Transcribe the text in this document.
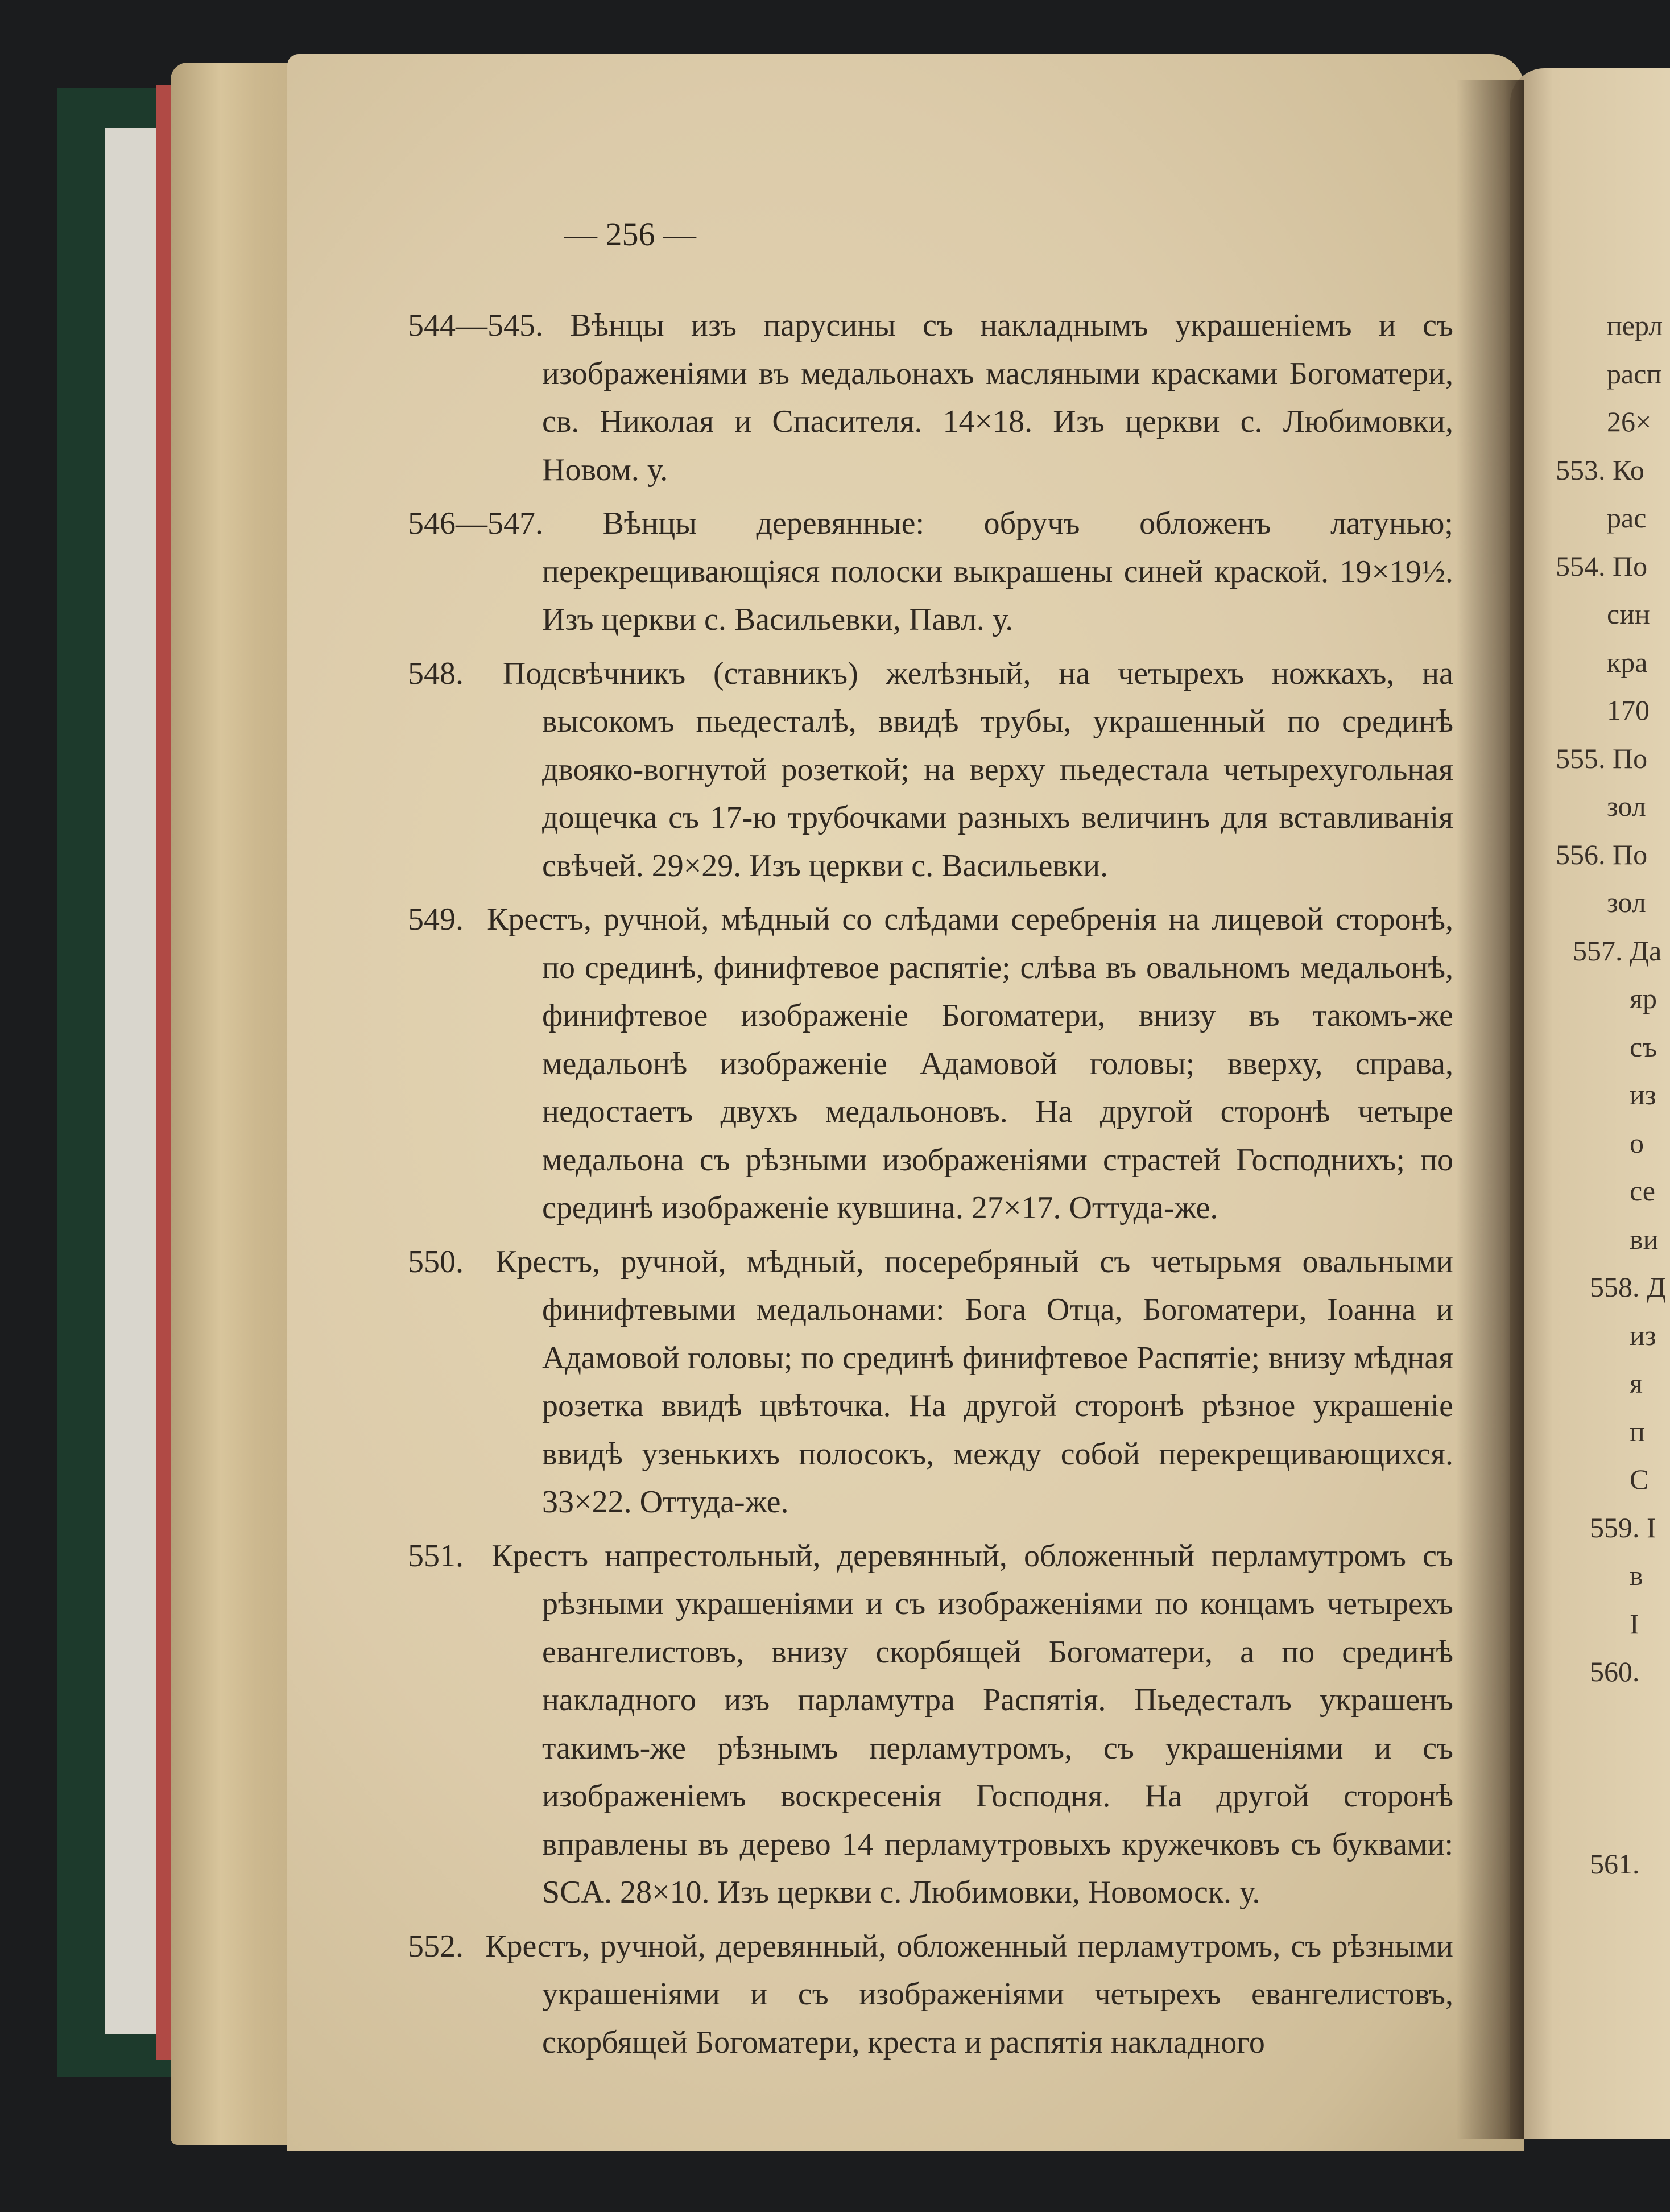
— 256 —

544—545. Вѣнцы изъ парусины съ накладнымъ украшеніемъ и съ изображеніями въ медальонахъ масляными красками Богоматери, св. Николая и Спасителя. 14×18. Изъ церкви с. Любимовки, Новом. у.

546—547. Вѣнцы деревянные: обручъ обложенъ латунью; перекрещивающіяся полоски выкрашены синей краской. 19×19½. Изъ церкви с. Васильевки, Павл. у.

Подсвѣчникъ (ставникъ) желѣзный, на четырехъ ножкахъ, на высокомъ пьедесталѣ, ввидѣ трубы, украшенный по срединѣ двояко-вогнутой розеткой; на верху пьедестала четырехугольная дощечка съ 17-ю трубочками разныхъ величинъ для вставливанія свѣчей. 29×29. Изъ церкви с. Васильевки.

Крестъ, ручной, мѣдный со слѣдами серебренія на лицевой сторонѣ, по срединѣ, финифтевое распятіе; слѣва въ овальномъ медальонѣ, финифтевое изображеніе Богоматери, внизу въ такомъ-же медальонѣ изображеніе Адамовой головы; вверху, справа, недостаетъ двухъ медальоновъ. На другой сторонѣ четыре медальона съ рѣзными изображеніями страстей Господнихъ; по срединѣ изображеніе кувшина. 27×17. Оттуда-же.

Крестъ, ручной, мѣдный, посеребряный съ четырьмя овальными финифтевыми медальонами: Бога Отца, Богоматери, Іоанна и Адамовой головы; по срединѣ финифтевое Распятіе; внизу мѣдная розетка ввидѣ цвѣточка. На другой сторонѣ рѣзное украшеніе ввидѣ узенькихъ полосокъ, между собой перекрещивающихся. 33×22. Оттуда-же.

Крестъ напрестольный, деревянный, обложенный перламутромъ съ рѣзными украшеніями и съ изображеніями по концамъ четырехъ евангелистовъ, внизу скорбящей Богоматери, а по срединѣ накладного изъ парламутра Распятія. Пьедесталъ украшенъ такимъ-же рѣзнымъ перламутромъ, съ украшеніями и съ изображеніемъ воскресенія Господня. На другой сторонѣ вправлены въ дерево 14 перламутровыхъ кружечковъ съ буквами: SCA. 28×10. Изъ церкви с. Любимовки, Новомоск. у.

Крестъ, ручной, деревянный, обложенный перламутромъ, съ рѣзными украшеніями и съ изображеніями четырехъ евангелистовъ, скорбящей Богоматери, креста и распятія накладного

перл
расп
26×
553. Ко
рас
554. По
син
кра
170
555. По
зол
556. По
зол
557. Да
яр
съ
из
о
се
ви
558. Д
из
я
п
С
559. I
в
I
560.
561.
